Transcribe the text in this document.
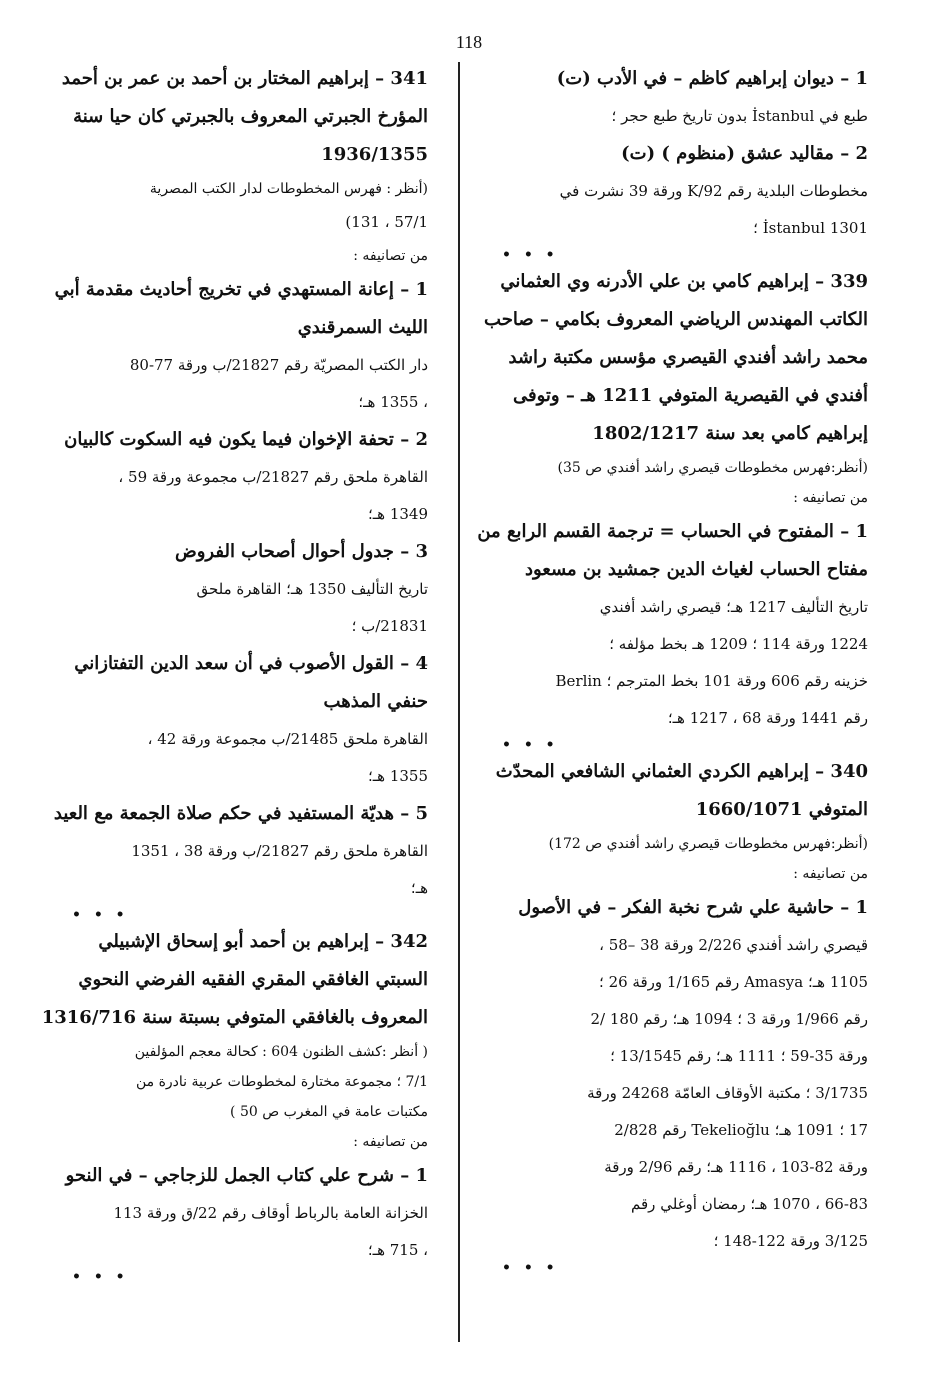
118
1 – ديوان إبراهيم كاظم – في الأدب (ت)
طبع في İstanbul بدون تاريخ طبع حجر ؛
2 – مقاليد عشق (منظوم ) (ت)
مخطوطات البلدية رقم 92/K ورقة 39 نشرت في
1301 İstanbul ؛
• • •
339 – إبراهيم كامي بن علي الأدرنه وي العثماني
الكاتب المهندس الرياضي المعروف بكامي – صاحب
محمد راشد أفندي القيصري مؤسس مكتبة راشد
أفندي في القيصرية المتوفي 1211 هـ – وتوفى
إبراهيم كامي بعد سنة 1802/1217
(أنظر:فهرس مخطوطات قيصري راشد أفندي ص 35)
من تصانيفه :
1 – المفتوح في الحساب = ترجمة القسم الرابع من
مفتاح الحساب لغياث الدين جمشيد بن مسعود
تاريخ التأليف 1217 هـ؛ قيصري راشد أفندي
1224 ورقة 114 ؛ 1209 هـ بخط مؤلفه ؛
خزينه رقم 606 ورقة 101 بخط المترجم ؛ Berlin
رقم 1441 ورقة 68 ، 1217 هـ؛
• • •
340 – إبراهيم الكردي العثماني الشافعي المحدّث
المتوفي 1660/1071
(أنظر:فهرس مخطوطات قيصري راشد أفندي ص 172)
من تصانيفه :
1 – حاشية علي شرح نخبة الفكر – في الأصول
قيصري راشد أفندي 2/226 ورقة 38 –58 ،
1105 هـ؛ Amasya رقم 1/165 ورقة 26 ؛
رقم 1/966 ورقة 3 ؛ 1094 هـ؛ رقم 180 /2
ورقة 35-59 ؛ 1111 هـ؛ رقم 13/1545 ؛
3/1735 ؛ مكتبة الأوقاف العامّة 24268 ورقة
17 ؛ 1091 هـ؛ Tekelioğlu رقم 2/828
ورقة 82-103 ، 1116 هـ؛ رقم 2/96 ورقة
66-83 ، 1070 هـ؛ رمضان أوغلي رقم
3/125 ورقة 122-148 ؛
• • •
341 – إبراهيم المختار بن أحمد بن عمر بن أحمد
المؤرخ الجبرتي المعروف بالجبرتي كان حيا سنة
1936/1355
(أنظر : فهرس المخطوطات لدار الكتب المصرية
57/1 ، 131)
من تصانيفه :
1 – إعانة المستهدي في تخريج أحاديث مقدمة أبي
الليث السمرقندي
دار الكتب المصريّة رقم 21827/ب ورقة 77-80
، 1355 هـ؛
2 – تحفة الإخوان فيما يكون فيه السكوت كالبيان
القاهرة ملحق رقم 21827/ب مجموعة ورقة 59 ،
1349 هـ؛
3 – جدول أحوال أصحاب الفروض
تاريخ التأليف 1350 هـ؛ القاهرة ملحق
21831/ب ؛
4 – القول الأصوب في أن سعد الدين التفتازاني
حنفي المذهب
القاهرة ملحق 21485/ب مجموعة ورقة 42 ،
1355 هـ؛
5 – هديّة المستفيد في حكم صلاة الجمعة مع العيد
القاهرة ملحق رقم 21827/ب ورقة 38 ، 1351
هـ؛
• • •
342 – إبراهيم بن أحمد أبو إسحاق الإشبيلي
السبتي الغافقي المقري الفقيه الفرضي النحوي
المعروف بالغافقي المتوفي بسبتة سنة 1316/716
( أنظر :كشف الظنون 604 : كحالة معجم المؤلفين
7/1 ؛ مجموعة مختارة لمخطوطات عربية نادرة من
مكتبات عامة في المغرب ص 50 )
من تصانيفه :
1 – شرح علي كتاب الجمل للزجاجي – في النحو
الخزانة العامة بالرباط أوقاف رقم 22/ق ورقة 113
، 715 هـ؛
• • •
